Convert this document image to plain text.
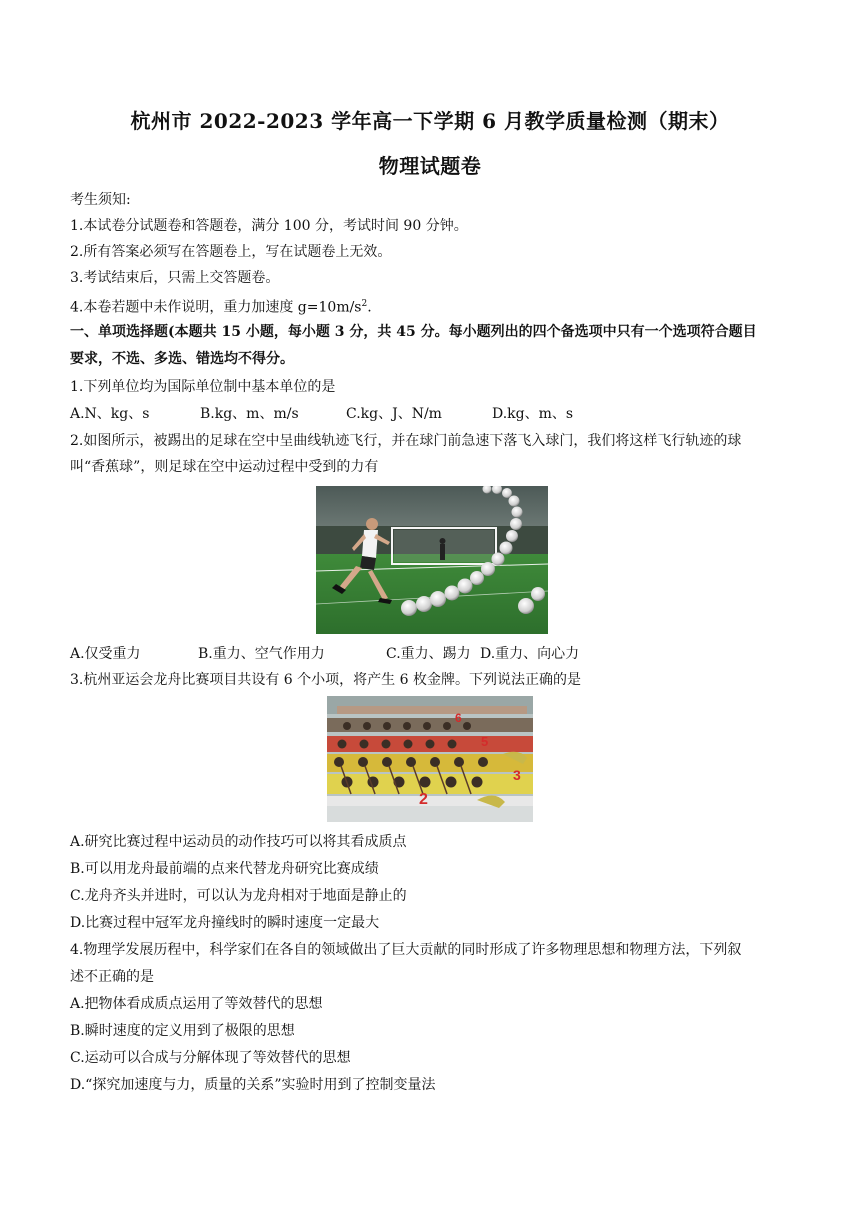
杭州市 2022-2023 学年高一下学期 6 月教学质量检测（期末）
物理试题卷
考生须知:
1.本试卷分试题卷和答题卷，满分 100 分，考试时间 90 分钟。
2.所有答案必须写在答题卷上，写在试题卷上无效。
3.考试结束后，只需上交答题卷。
4.本卷若题中未作说明，重力加速度 $g=10m/s^2$.
一、单项选择题(本题共 15 小题，每小题 3 分，共 45 分。每小题列出的四个备选项中只有一个选项符合题目
要求，不选、多选、错选均不得分。
1.下列单位均为国际单位制中基本单位的是
A.N、kg、s	B.kg、m、m/s	C.kg、J、N/m	D.kg、m、s
2.如图所示，被踢出的足球在空中呈曲线轨迹飞行，并在球门前急速下落飞入球门，我们将这样飞行轨迹的球
叫“香蕉球”，则足球在空中运动过程中受到的力有
A.仅受重力	B.重力、空气作用力	C.重力、踢力 D.重力、向心力
3.杭州亚运会龙舟比赛项目共设有 6 个小项，将产生 6 枚金牌。下列说法正确的是
6
5
3
2
A.研究比赛过程中运动员的动作技巧可以将其看成质点
B.可以用龙舟最前端的点来代替龙舟研究比赛成绩
C.龙舟齐头并进时，可以认为龙舟相对于地面是静止的
D.比赛过程中冠军龙舟撞线时的瞬时速度一定最大
4.物理学发展历程中，科学家们在各自的领域做出了巨大贡献的同时形成了许多物理思想和物理方法，下列叙
述不正确的是
A.把物体看成质点运用了等效替代的思想
B.瞬时速度的定义用到了极限的思想
C.运动可以合成与分解体现了等效替代的思想
D.“探究加速度与力，质量的关系”实验时用到了控制变量法
